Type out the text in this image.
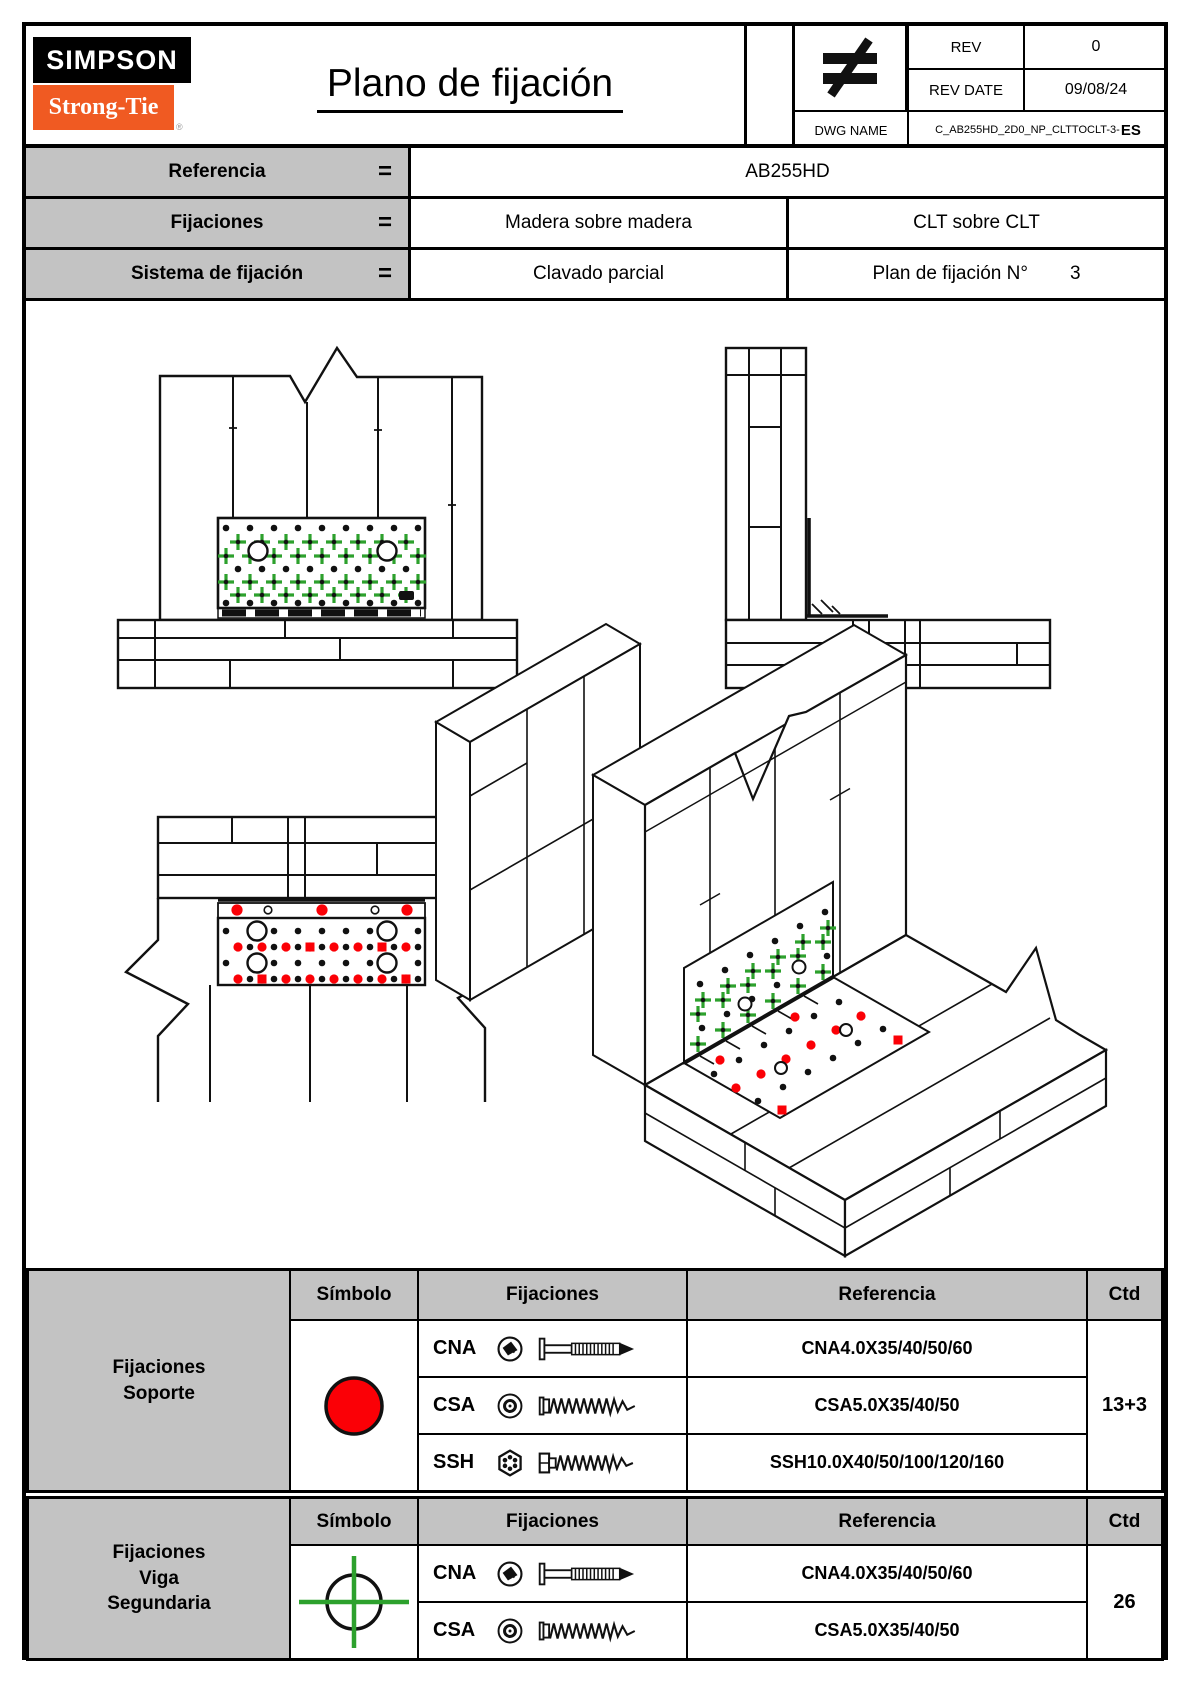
SIMPSON
Strong-Tie
®
Plano de fijación
REV	0
REV DATE	09/08/24
DWG NAME	C_AB255HD_2D0_NP_CLTTOCLT-3- ES
Referencia	=	AB255HD
Fijaciones	=	Madera sobre madera	CLT sobre CLT
Sistema de fijación	=	Clavado parcial	Plan de fijación N° 3
Fijaciones Soporte
Símbolo	Fijaciones	Referencia	Ctd
CNA	CNA4.0X35/40/50/60
CSA	CSA5.0X35/40/50
SSH	SSH10.0X40/50/100/120/160
13+3
Fijaciones Viga Segundaria
Símbolo	Fijaciones	Referencia	Ctd
CNA	CNA4.0X35/40/50/60
CSA	CSA5.0X35/40/50
26
